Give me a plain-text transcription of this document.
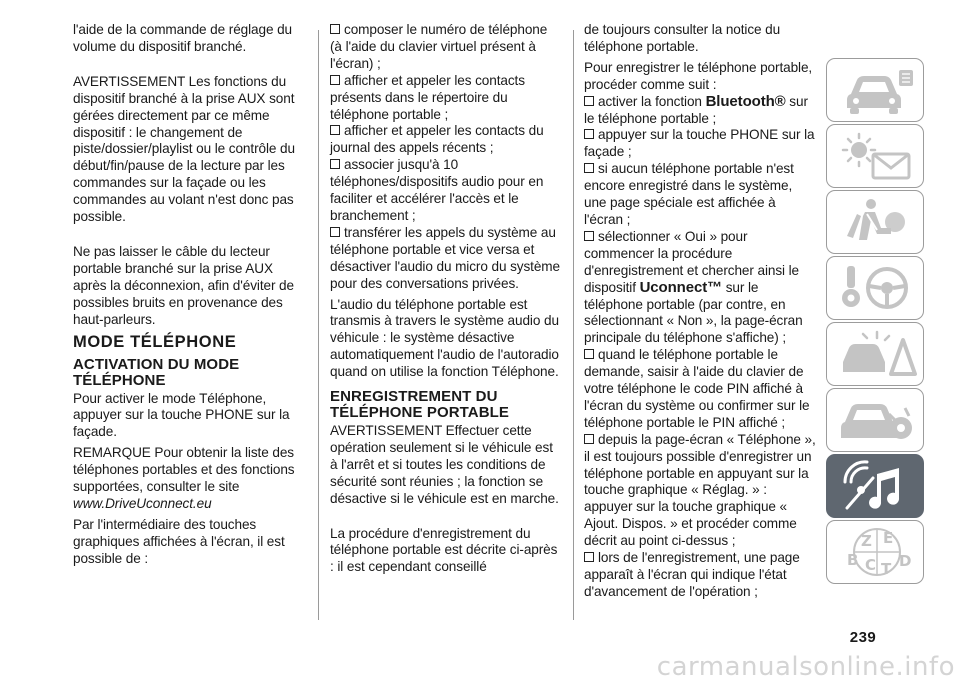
l'aide de la commande de réglage du volume du dispositif branché.

AVERTISSEMENT Les fonctions du dispositif branché à la prise AUX sont gérées directement par ce même dispositif : le changement de piste/dossier/playlist ou le contrôle du début/fin/pause de la lecture par les commandes sur la façade ou les commandes au volant n'est donc pas possible.

Ne pas laisser le câble du lecteur portable branché sur la prise AUX après la déconnexion, afin d'éviter de possibles bruits en provenance des haut-parleurs.

MODE TÉLÉPHONE
ACTIVATION DU MODE TÉLÉPHONE

Pour activer le mode Téléphone, appuyer sur la touche PHONE sur la façade.

REMARQUE Pour obtenir la liste des téléphones portables et des fonctions supportées, consulter le site

www.DriveUconnect.eu

Par l'intermédiaire des touches graphiques affichées à l'écran, il est possible de :

composer le numéro de téléphone (à l'aide du clavier virtuel présent à l'écran) ;

afficher et appeler les contacts présents dans le répertoire du téléphone portable ;

afficher et appeler les contacts du journal des appels récents ;

associer jusqu'à 10 téléphones/dispositifs audio pour en faciliter et accélérer l'accès et le branchement ;

transférer les appels du système au téléphone portable et vice versa et désactiver l'audio du micro du système pour des conversations privées.

L'audio du téléphone portable est transmis à travers le système audio du véhicule : le système désactive automatiquement l'audio de l'autoradio quand on utilise la fonction Téléphone.

ENREGISTREMENT DU TÉLÉPHONE PORTABLE

AVERTISSEMENT Effectuer cette opération seulement si le véhicule est à l'arrêt et si toutes les conditions de sécurité sont réunies ; la fonction se désactive si le véhicule est en marche.

La procédure d'enregistrement du téléphone portable est décrite ci-après : il est cependant conseillé

de toujours consulter la notice du téléphone portable.

Pour enregistrer le téléphone portable, procéder comme suit :

activer la fonction Bluetooth® sur le téléphone portable ;

appuyer sur la touche PHONE sur la façade ;

si aucun téléphone portable n'est encore enregistré dans le système, une page spéciale est affichée à l'écran ;

sélectionner « Oui » pour commencer la procédure d'enregistrement et chercher ainsi le dispositif Uconnect™ sur le téléphone portable (par contre, en sélectionnant « Non », la page-écran principale du téléphone s'affiche) ;

quand le téléphone portable le demande, saisir à l'aide du clavier de votre téléphone le code PIN affiché à l'écran du système ou confirmer sur le téléphone portable le PIN affiché ;

depuis la page-écran « Téléphone », il est toujours possible d'enregistrer un téléphone portable en appuyant sur la touche graphique « Réglag. » : appuyer sur la touche graphique « Ajout. Dispos. » et procéder comme décrit au point ci-dessus ;

lors de l'enregistrement, une page apparaît à l'écran qui indique l'état d'avancement de l'opération ;

Z E
B C T D
239
carmanualsonline.info
